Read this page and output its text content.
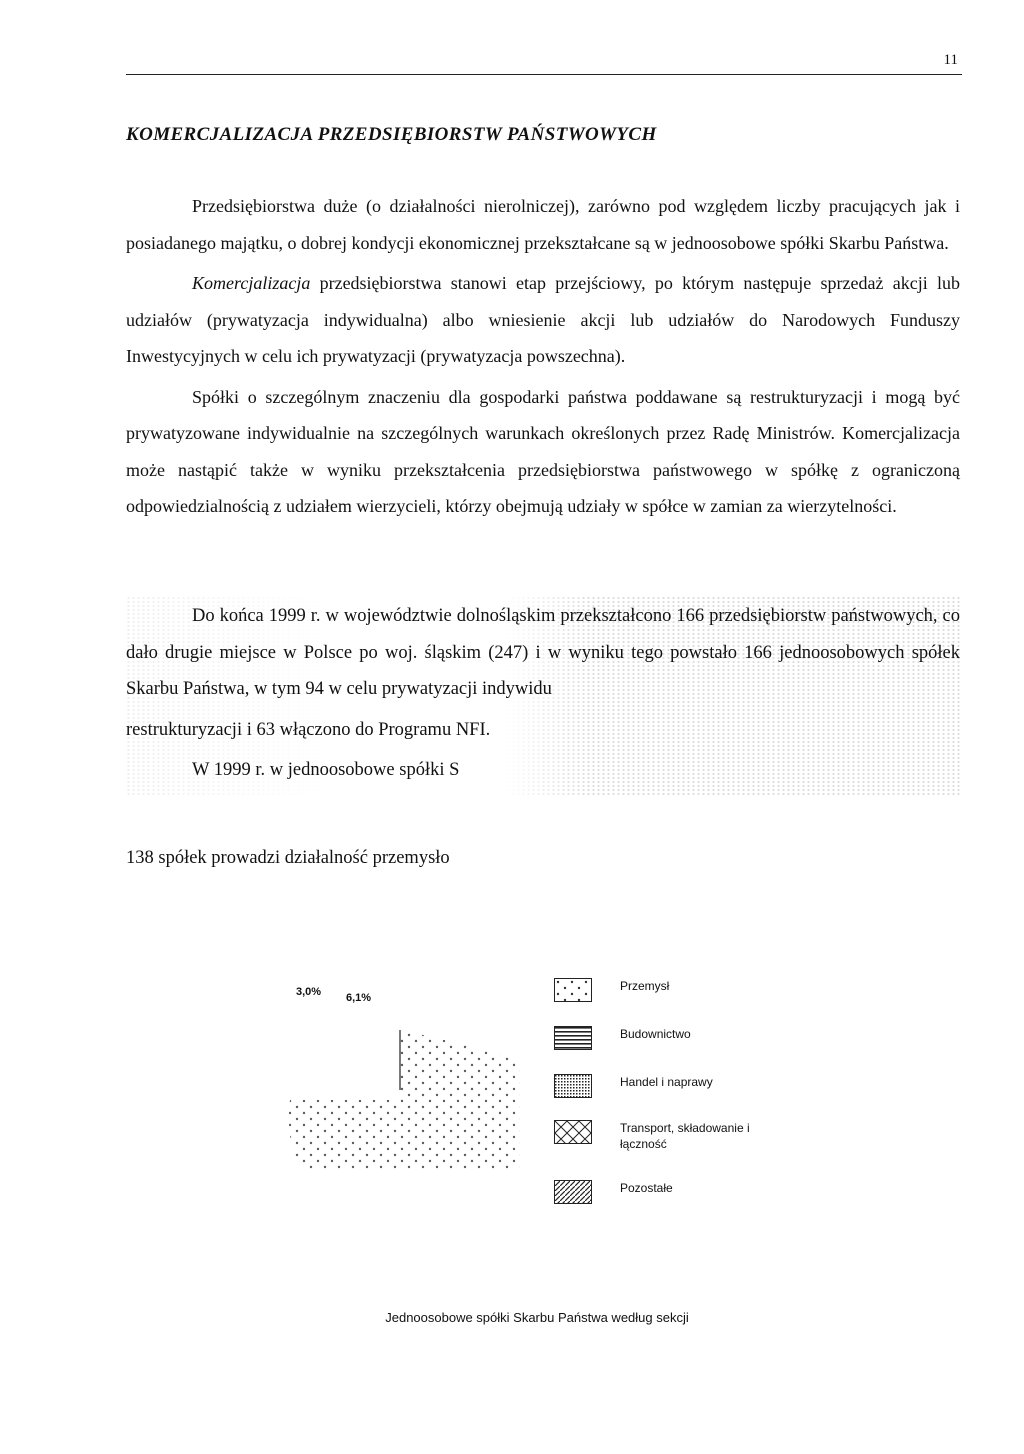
11
KOMERCJALIZACJA PRZEDSIĘBIORSTW PAŃSTWOWYCH

Przedsiębiorstwa duże (o działalności nierolniczej), zarówno pod względem liczby pracujących jak i posiadanego majątku, o dobrej kondycji ekonomicznej przekształcane są w jednoosobowe spółki Skarbu Państwa.

Komercjalizacja przedsiębiorstwa stanowi etap przejściowy, po którym następuje sprzedaż akcji lub udziałów (prywatyzacja indywidualna) albo wniesienie akcji lub udziałów do Narodowych Funduszy Inwestycyjnych w celu ich prywatyzacji (prywatyzacja powszechna).

Spółki o szczególnym znaczeniu dla gospodarki państwa poddawane są restrukturyzacji i mogą być prywatyzowane indywidualnie na szczególnych warunkach określonych przez Radę Ministrów. Komercjalizacja może nastąpić także w wyniku przekształcenia przedsiębiorstwa państwowego w spółkę z ograniczoną odpowiedzialnością z udziałem wierzycieli, którzy obejmują udziały w spółce w zamian za wierzytelności.

Do końca 1999 r. w województwie dolnośląskim przekształcono 166 przedsiębiorstw państwowych, co dało drugie miejsce w Polsce po woj. śląskim (247) i w wyniku tego powstało 166 jednoosobowych spółek Skarbu Państwa, w tym 94 w celu prywatyzacji indywidu

restrukturyzacji i 63 włączono do Programu NFI.

W 1999 r. w jednoosobowe spółki S

138 spółek prowadzi działalność przemysło
3,0% 6,1%
Przemysł
Budownictwo
Handel i naprawy
Transport, składowanie i łączność
Pozostałe
Jednoosobowe spółki Skarbu Państwa według sekcji
